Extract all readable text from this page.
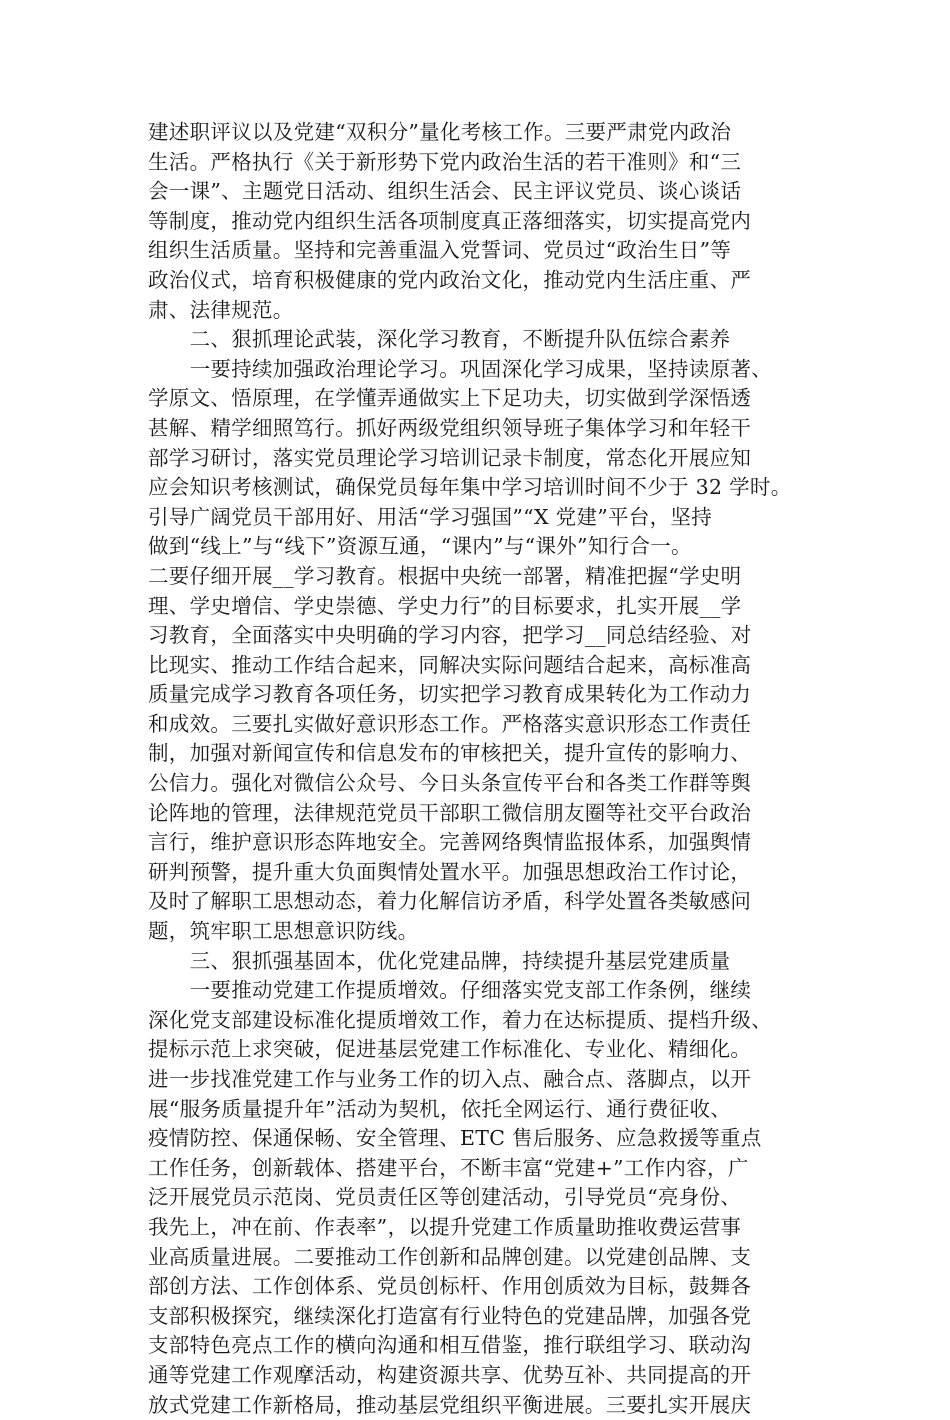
建述职评议以及党建“双积分”量化考核工作。三要严肃党内政治
生活。严格执行《关于新形势下党内政治生活的若干准则》和“三
会一课”、主题党日活动、组织生活会、民主评议党员、谈心谈话
等制度，推动党内组织生活各项制度真正落细落实，切实提高党内
组织生活质量。坚持和完善重温入党誓词、党员过“政治生日”等
政治仪式，培育积极健康的党内政治文化，推动党内生活庄重、严
肃、法律规范。
　　二、狠抓理论武装，深化学习教育，不断提升队伍综合素养
　　一要持续加强政治理论学习。巩固深化学习成果，坚持读原著、
学原文、悟原理，在学懂弄通做实上下足功夫，切实做到学深悟透
甚解、精学细照笃行。抓好两级党组织领导班子集体学习和年轻干
部学习研讨，落实党员理论学习培训记录卡制度，常态化开展应知
应会知识考核测试，确保党员每年集中学习培训时间不少于 32 学时。
引导广阔党员干部用好、用活“学习强国”“X 党建”平台，坚持
做到“线上”与“线下”资源互通，“课内”与“课外”知行合一。
二要仔细开展__学习教育。根据中央统一部署，精准把握“学史明
理、学史增信、学史崇德、学史力行”的目标要求，扎实开展__学
习教育，全面落实中央明确的学习内容，把学习__同总结经验、对
比现实、推动工作结合起来，同解决实际问题结合起来，高标准高
质量完成学习教育各项任务，切实把学习教育成果转化为工作动力
和成效。三要扎实做好意识形态工作。严格落实意识形态工作责任
制，加强对新闻宣传和信息发布的审核把关，提升宣传的影响力、
公信力。强化对微信公众号、今日头条宣传平台和各类工作群等舆
论阵地的管理，法律规范党员干部职工微信朋友圈等社交平台政治
言行，维护意识形态阵地安全。完善网络舆情监报体系，加强舆情
研判预警，提升重大负面舆情处置水平。加强思想政治工作讨论，
及时了解职工思想动态，着力化解信访矛盾，科学处置各类敏感问
题，筑牢职工思想意识防线。
　　三、狠抓强基固本，优化党建品牌，持续提升基层党建质量
　　一要推动党建工作提质增效。仔细落实党支部工作条例，继续
深化党支部建设标准化提质增效工作，着力在达标提质、提档升级、
提标示范上求突破，促进基层党建工作标准化、专业化、精细化。
进一步找准党建工作与业务工作的切入点、融合点、落脚点，以开
展“服务质量提升年”活动为契机，依托全网运行、通行费征收、
疫情防控、保通保畅、安全管理、ETC 售后服务、应急救援等重点
工作任务，创新载体、搭建平台，不断丰富“党建+”工作内容，广
泛开展党员示范岗、党员责任区等创建活动，引导党员“亮身份、
我先上，冲在前、作表率”，以提升党建工作质量助推收费运营事
业高质量进展。二要推动工作创新和品牌创建。以党建创品牌、支
部创方法、工作创体系、党员创标杆、作用创质效为目标，鼓舞各
支部积极探究，继续深化打造富有行业特色的党建品牌，加强各党
支部特色亮点工作的横向沟通和相互借鉴，推行联组学习、联动沟
通等党建工作观摩活动，构建资源共享、优势互补、共同提高的开
放式党建工作新格局，推动基层党组织平衡进展。三要扎实开展庆
